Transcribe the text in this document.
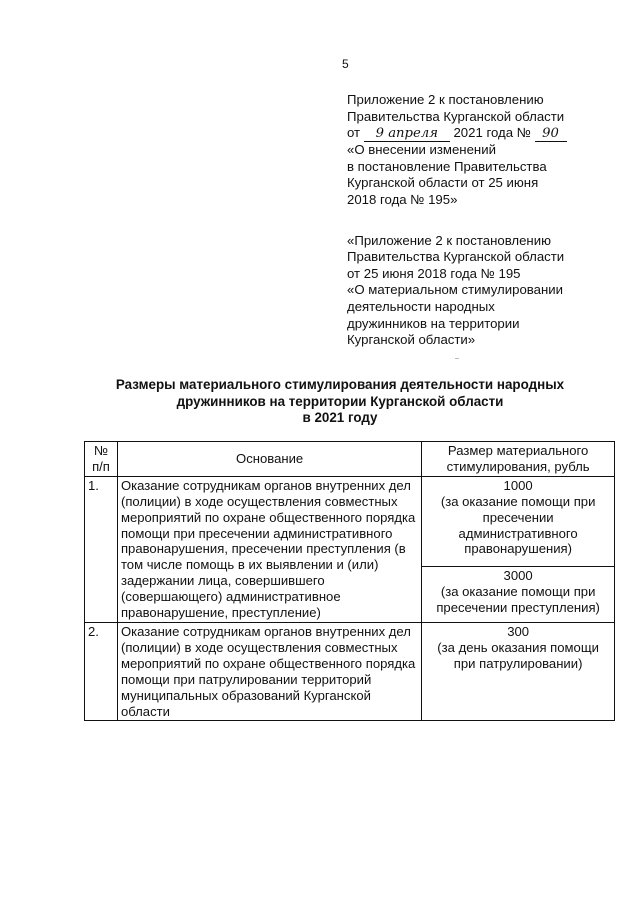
5
Приложение 2 к постановлению
Правительства Курганской области
от 9 апреля 2021 года № 90
«О внесении изменений
в постановление Правительства
Курганской области от 25 июня
2018 года № 195»
«Приложение 2 к постановлению
Правительства Курганской области
от 25 июня 2018 года № 195
«О материальном стимулировании
деятельности народных
дружинников на территории
Курганской области»
Размеры материального стимулирования деятельности народных
дружинников на территории Курганской области
в 2021 году
№
п/п	Основание	Размер материального
стимулирования, рубль
1.	Оказание сотрудникам органов внутренних дел (полиции) в ходе осуществления совместных мероприятий по охране общественного порядка помощи при пресечении административного правонарушения, пресечении преступления (в том числе помощь в их выявлении и (или) задержании лица, совершившего (совершающего) административное правонарушение, преступление)	1000
(за оказание помощи при пресечении административного правонарушения)

		3000
(за оказание помощи при пресечении преступления)

2.	Оказание сотрудникам органов внутренних дел (полиции) в ходе осуществления совместных мероприятий по охране общественного порядка помощи при патрулировании территорий муниципальных образований Курганской области	300
(за день оказания помощи при патрулировании)
